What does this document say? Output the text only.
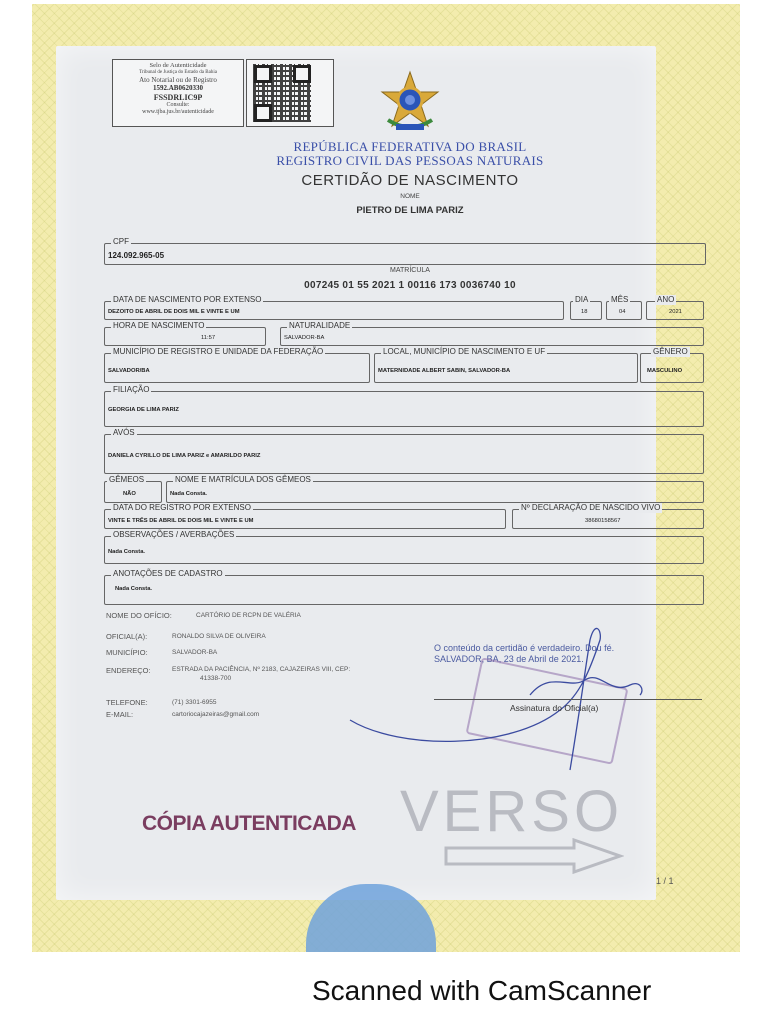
Selo de Autenticidade
Tribunal de Justiça do Estado da Bahia
Ato Notarial ou de Registro
1592.AB0620330
FSSDRLIC9P
Consulte:
www.tjba.jus.br/autenticidade
REPÚBLICA FEDERATIVA DO BRASIL
REGISTRO CIVIL DAS PESSOAS NATURAIS
CERTIDÃO DE NASCIMENTO
NOME
PIETRO DE LIMA PARIZ
CPF
124.092.965-05
MATRÍCULA
007245 01 55 2021 1 00116 173 0036740 10
DATA DE NASCIMENTO POR EXTENSO
DEZOITO DE ABRIL DE DOIS MIL E VINTE E UM
DIA
18
MÊS
04
ANO
2021
HORA DE NASCIMENTO
11:57
NATURALIDADE
SALVADOR-BA
MUNICÍPIO DE REGISTRO E UNIDADE DA FEDERAÇÃO
SALVADOR/BA
LOCAL, MUNICÍPIO DE NASCIMENTO E UF
MATERNIDADE ALBERT SABIN, SALVADOR-BA
GÊNERO
MASCULINO
FILIAÇÃO
GEORGIA DE LIMA PARIZ
AVÓS
DANIELA CYRILLO DE LIMA PARIZ e AMARILDO PARIZ
GÊMEOS
NÃO
NOME E MATRÍCULA DOS GÊMEOS
Nada Consta.
DATA DO REGISTRO POR EXTENSO
VINTE E TRÊS DE ABRIL DE DOIS MIL E VINTE E UM
Nº DECLARAÇÃO DE NASCIDO VIVO
38680158567
OBSERVAÇÕES / AVERBAÇÕES
Nada Consta.
ANOTAÇÕES DE CADASTRO
Nada Consta.
NOME DO OFÍCIO:	CARTÓRIO DE RCPN DE VALÉRIA
OFICIAL(A):	RONALDO SILVA DE OLIVEIRA
MUNICÍPIO:	SALVADOR-BA
ENDEREÇO:	ESTRADA DA PACIÊNCIA, Nº 2183, CAJAZEIRAS VIII, CEP:
41338-700
TELEFONE:	(71) 3301-6955
E-MAIL:	cartoriocajazeiras@gmail.com
O conteúdo da certidão é verdadeiro. Dou fé.
SALVADOR, BA, 23 de Abril de 2021.
Assinatura do Oficial(a)
CÓPIA AUTENTICADA VERSO
1 / 1
Scanned with CamScanner
